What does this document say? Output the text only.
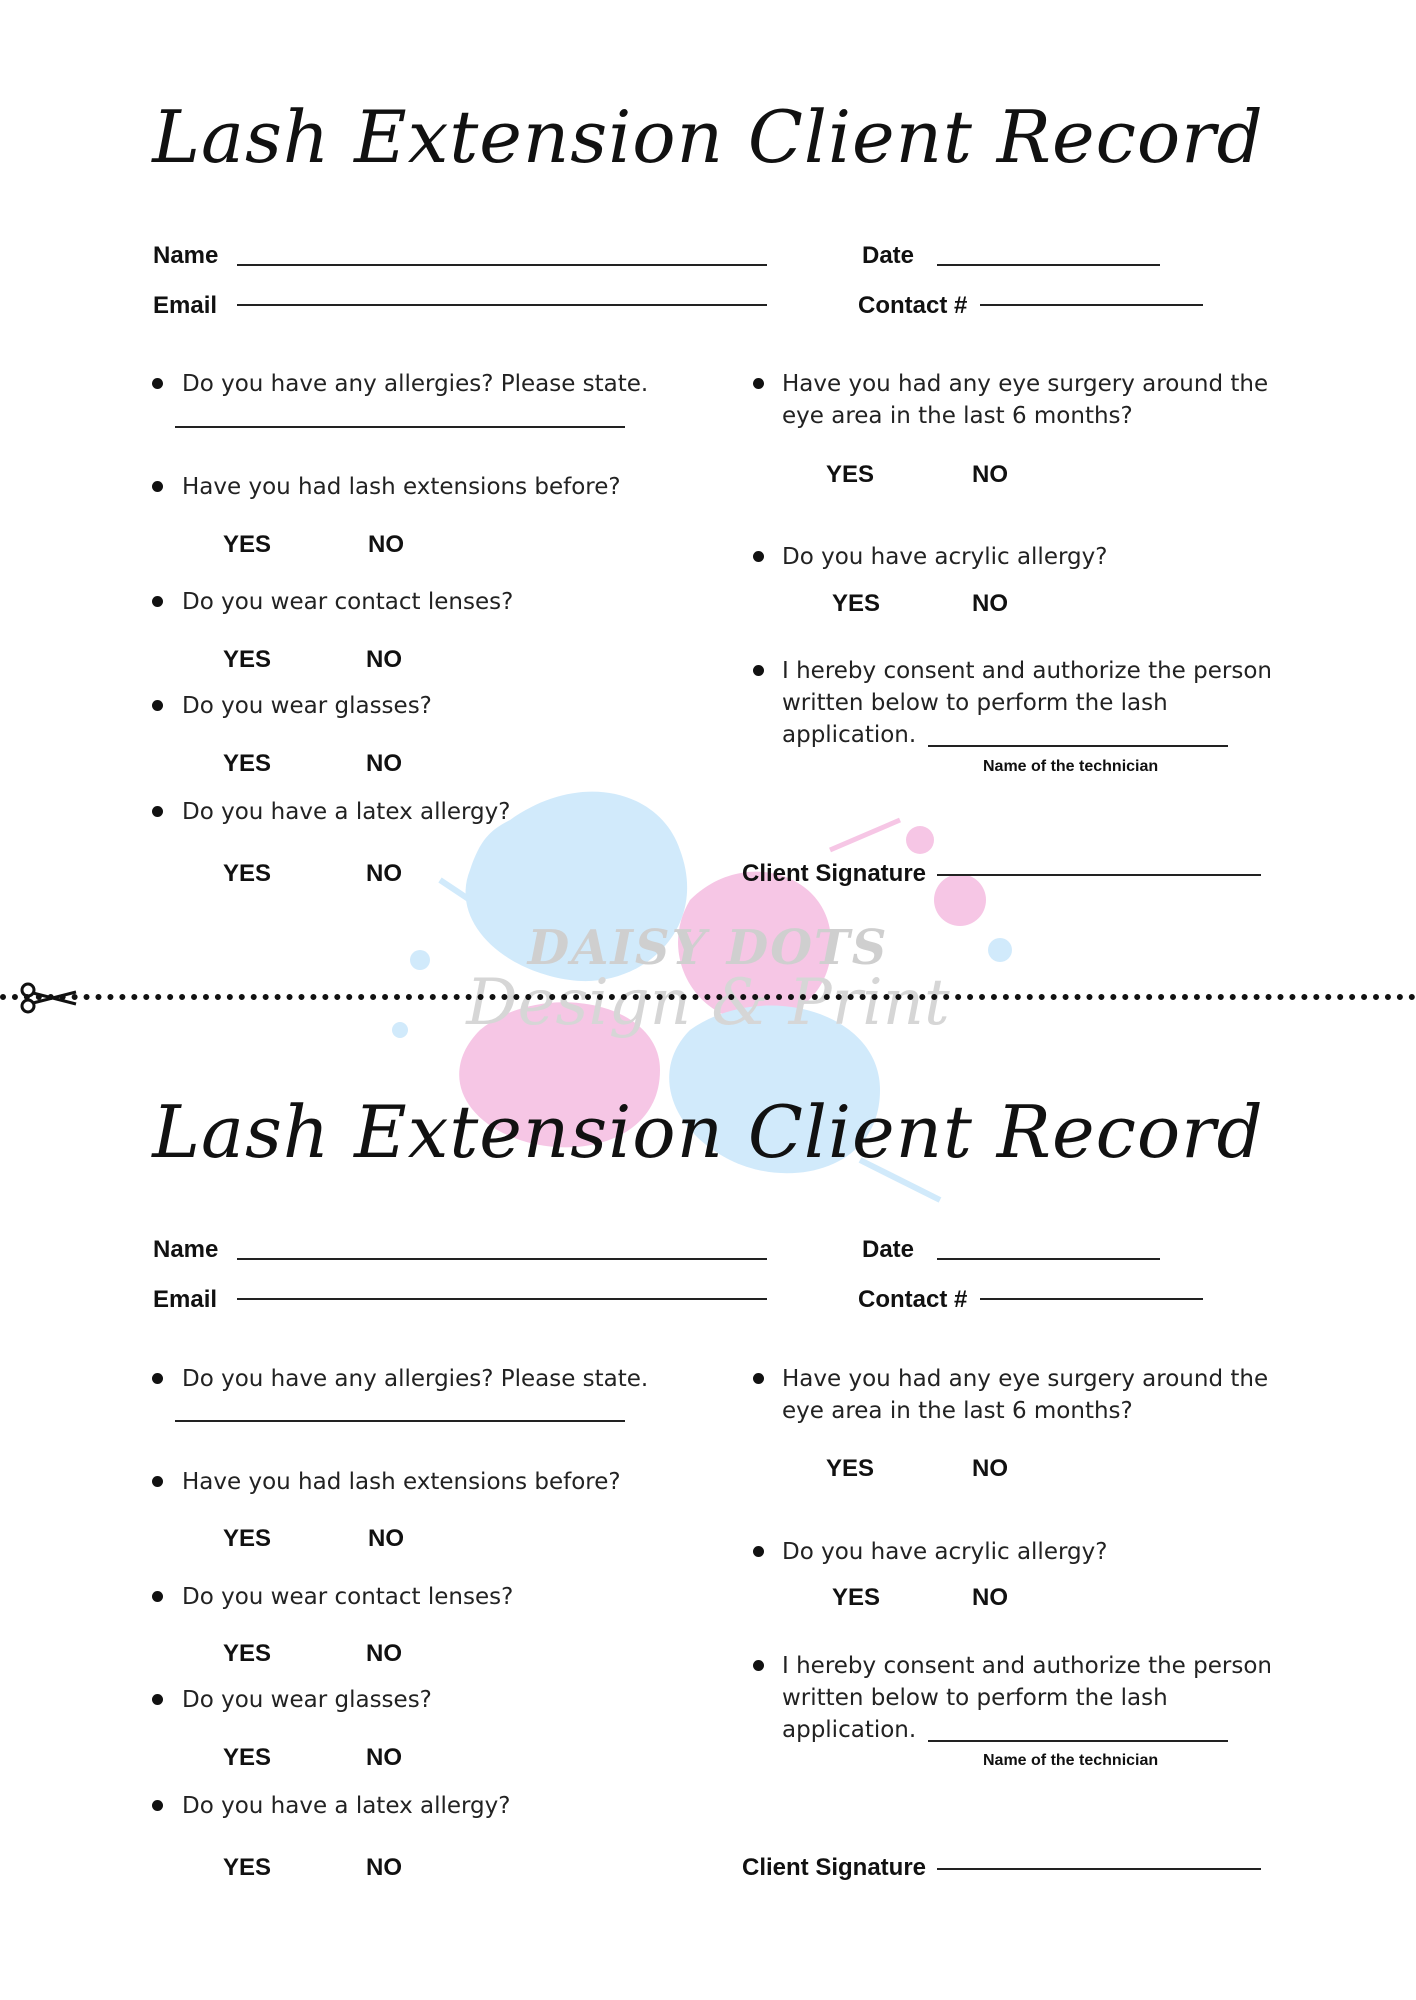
DAISY DOTS
Design & Print
Lash Extension Client Record
Name	Date
Email	Contact #
Do you have any allergies? Please state.
Have you had lash extensions before?
YES	NO
Do you wear contact lenses?
YES	NO
Do you wear glasses?
YES	NO
Do you have a latex allergy?
YES	NO
Have you had any eye surgery around the
eye area in the last 6 months?
YES	NO
Do you have acrylic allergy?
YES	NO
I hereby consent and authorize the person
written below to perform the lash
application.
Name of the technician
Client Signature
Lash Extension Client Record
Name	Date
Email	Contact #
Do you have any allergies? Please state.
Have you had lash extensions before?
YES	NO
Do you wear contact lenses?
YES	NO
Do you wear glasses?
YES	NO
Do you have a latex allergy?
YES	NO
Have you had any eye surgery around the
eye area in the last 6 months?
YES	NO
Do you have acrylic allergy?
YES	NO
I hereby consent and authorize the person
written below to perform the lash
application.
Name of the technician
Client Signature
